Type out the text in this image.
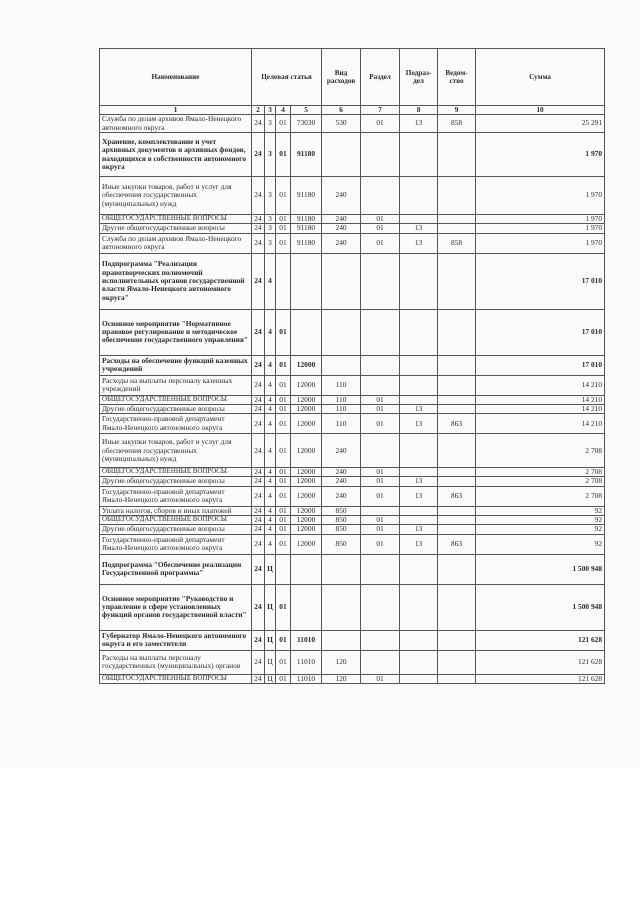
Наименование	Целевая статья				Вид расходов	Раздел	Подраз-дел	Ведом-ство	Сумма
1	2	3	4	5	6	7	8	9	10
Служба по делам архивов Ямало-Ненецкого автономного округа	24	3	01	73030	530	01	13	858	25 291
Хранение, комплектование и учет архивных документов и архивных фондов, находящихся в собственности автономного округа	24	3	01	91180					1 970
Иные закупки товаров, работ и услуг для обеспечения государственных (муниципальных) нужд	24	3	01	91180	240				1 970
ОБЩЕГОСУДАРСТВЕННЫЕ ВОПРОСЫ	24	3	01	91180	240	01			1 970
Другие общегосударственные вопросы	24	3	01	91180	240	01	13		1 970
Служба по делам архивов Ямало-Ненецкого автономного округа	24	3	01	91180	240	01	13	858	1 970
Подпрограмма "Реализация правотворческих полномочий исполнительных органов государственной власти Ямало-Ненецкого автономного округа"	24	4							17 010
Основное мероприятие "Нормативное правовое регулирование и методическое обеспечение государственного управления"	24	4	01						17 010
Расходы на обеспечение функций казенных учреждений	24	4	01	12000					17 010
Расходы на выплаты персоналу казенных учреждений	24	4	01	12000	110				14 210
ОБЩЕГОСУДАРСТВЕННЫЕ ВОПРОСЫ	24	4	01	12000	110	01			14 210
Другие общегосударственные вопросы	24	4	01	12000	110	01	13		14 210
Государственно-правовой департамент Ямало-Ненецкого автономного округа	24	4	01	12000	110	01	13	863	14 210
Иные закупки товаров, работ и услуг для обеспечения государственных (муниципальных) нужд	24	4	01	12000	240				2 708
ОБЩЕГОСУДАРСТВЕННЫЕ ВОПРОСЫ	24	4	01	12000	240	01			2 708
Другие общегосударственные вопросы	24	4	01	12000	240	01	13		2 708
Государственно-правовой департамент Ямало-Ненецкого автономного округа	24	4	01	12000	240	01	13	863	2 708
Уплата налогов, сборов и иных платежей	24	4	01	12000	850				92
ОБЩЕГОСУДАРСТВЕННЫЕ ВОПРОСЫ	24	4	01	12000	850	01			92
Другие общегосударственные вопросы	24	4	01	12000	850	01	13		92
Государственно-правовой департамент Ямало-Ненецкого автономного округа	24	4	01	12000	850	01	13	863	92
Подпрограмма "Обеспечение реализации Государственной программы"	24	Ц							1 500 948
Основное мероприятие "Руководство и управление в сфере установленных функций органов государственной власти"	24	Ц	01						1 500 948
Губернатор Ямало-Ненецкого автономного округа и его заместители	24	Ц	01	11010					121 628
Расходы на выплаты персоналу государственных (муниципальных) органов	24	Ц	01	11010	120				121 628
ОБЩЕГОСУДАРСТВЕННЫЕ ВОПРОСЫ	24	Ц	01	11010	120	01			121 628
